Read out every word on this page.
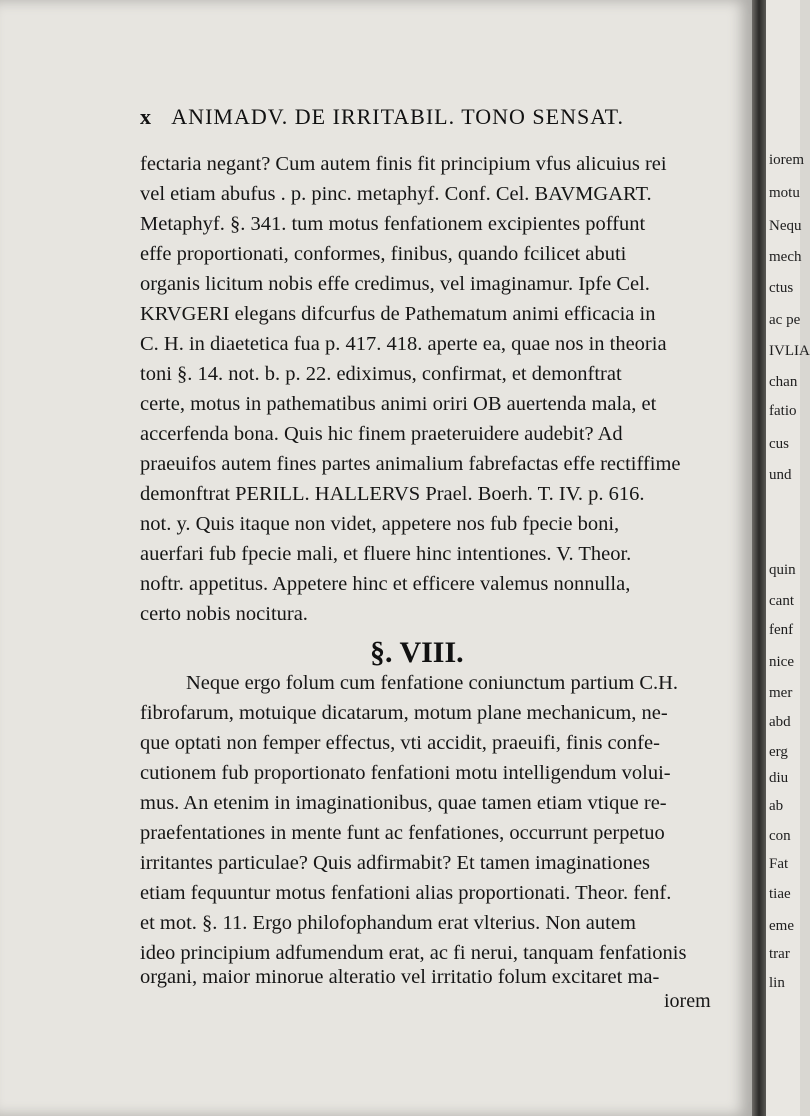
x ANIMADV. DE IRRITABIL. TONO SENSAT.
fectaria negant? Cum autem finis fit principium vfus alicuius rei
vel etiam abufus . p. pinc. metaphyf. Conf. Cel. BAVMGART.
Metaphyf. §. 341. tum motus fenfationem excipientes poffunt
effe proportionati, conformes, finibus, quando fcilicet abuti
organis licitum nobis effe credimus, vel imaginamur. Ipfe Cel.
KRVGERI elegans difcurfus de Pathematum animi efficacia in
C. H. in diaetetica fua p. 417. 418. aperte ea, quae nos in theoria
toni §. 14. not. b. p. 22. ediximus, confirmat, et demonftrat
certe, motus in pathematibus animi oriri OB auertenda mala, et
accerfenda bona. Quis hic finem praeteruidere audebit? Ad
praeuifos autem fines partes animalium fabrefactas effe rectiffime
demonftrat PERILL. HALLERVS Prael. Boerh. T. IV. p. 616.
not. y. Quis itaque non videt, appetere nos fub fpecie boni,
auerfari fub fpecie mali, et fluere hinc intentiones. V. Theor.
noftr. appetitus. Appetere hinc et efficere valemus nonnulla,
certo nobis nocitura.
§. VIII.
Neque ergo folum cum fenfatione coniunctum partium C.H.
fibrofarum, motuique dicatarum, motum plane mechanicum, ne-
que optati non femper effectus, vti accidit, praeuifi, finis confe-
cutionem fub proportionato fenfationi motu intelligendum volui-
mus. An etenim in imaginationibus, quae tamen etiam vtique re-
praefentationes in mente funt ac fenfationes, occurrunt perpetuo
irritantes particulae? Quis adfirmabit? Et tamen imaginationes
etiam fequuntur motus fenfationi alias proportionati. Theor. fenf.
et mot. §. 11. Ergo philofophandum erat vlterius. Non autem
ideo principium adfumendum erat, ac fi nerui, tanquam fenfationis
organi, maior minorue alteratio vel irritatio folum excitaret ma-
iorem
iorem
motu
Nequ
mech
ctus
ac pe
IVLIA
chan
fatio
cus
und
quin
cant
fenf
nice
mer
abd
erg
diu
ab
con
Fat
tiae
eme
trar
lin
